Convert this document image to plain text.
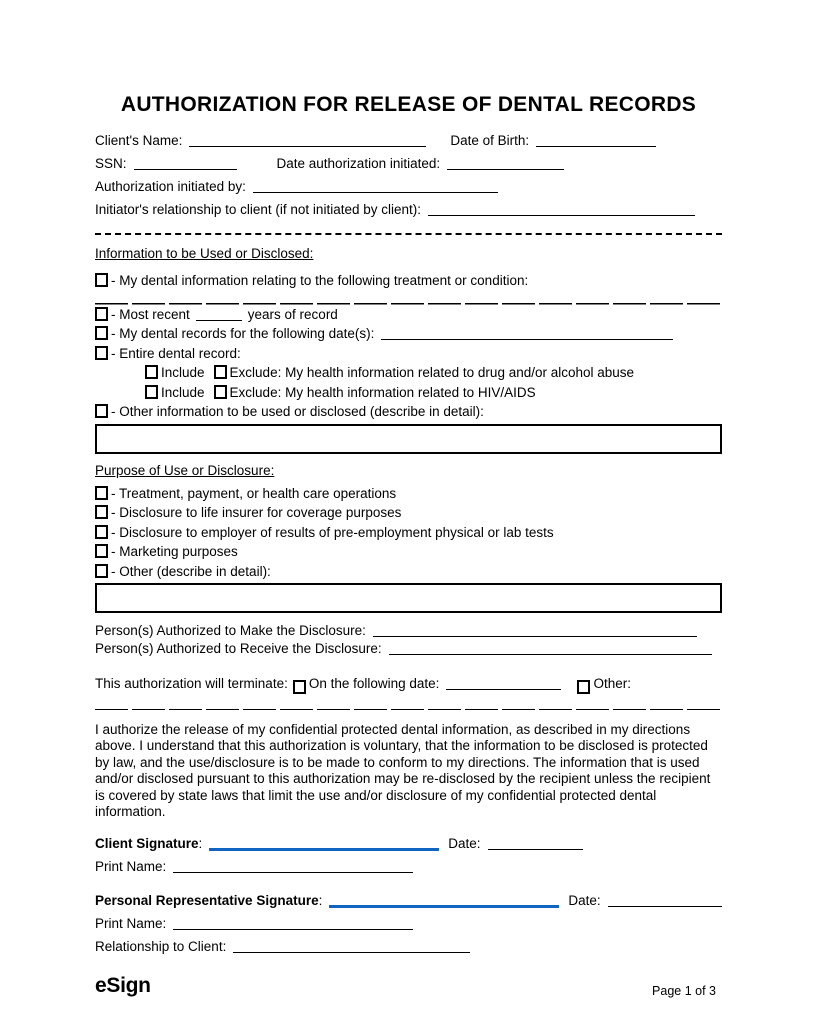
AUTHORIZATION FOR RELEASE OF DENTAL RECORDS
Client's Name:	Date of Birth:
SSN:	Date authorization initiated:
Authorization initiated by:
Initiator's relationship to client (if not initiated by client):
Information to be Used or Disclosed:
- My dental information relating to the following treatment or condition:
- Most recent	years of record
- My dental records for the following date(s):
- Entire dental record:
Include Exclude: My health information related to drug and/or alcohol abuse
Include Exclude: My health information related to HIV/AIDS
- Other information to be used or disclosed (describe in detail):
Purpose of Use or Disclosure:
- Treatment, payment, or health care operations
- Disclosure to life insurer for coverage purposes
- Disclosure to employer of results of pre-employment physical or lab tests
- Marketing purposes
- Other (describe in detail):
Person(s) Authorized to Make the Disclosure:
Person(s) Authorized to Receive the Disclosure:
This authorization will terminate: On the following date:	Other:

I authorize the release of my confidential protected dental information, as described in my directions above. I understand that this authorization is voluntary, that the information to be disclosed is protected by law, and the use/disclosure is to be made to conform to my directions. The information that is used and/or disclosed pursuant to this authorization may be re-disclosed by the recipient unless the recipient is covered by state laws that limit the use and/or disclosure of my confidential protected dental information.

Client Signature :	Date:
Print Name:
Personal Representative Signature :	Date:
Print Name:
Relationship to Client:
eSign	Page 1 of 3
